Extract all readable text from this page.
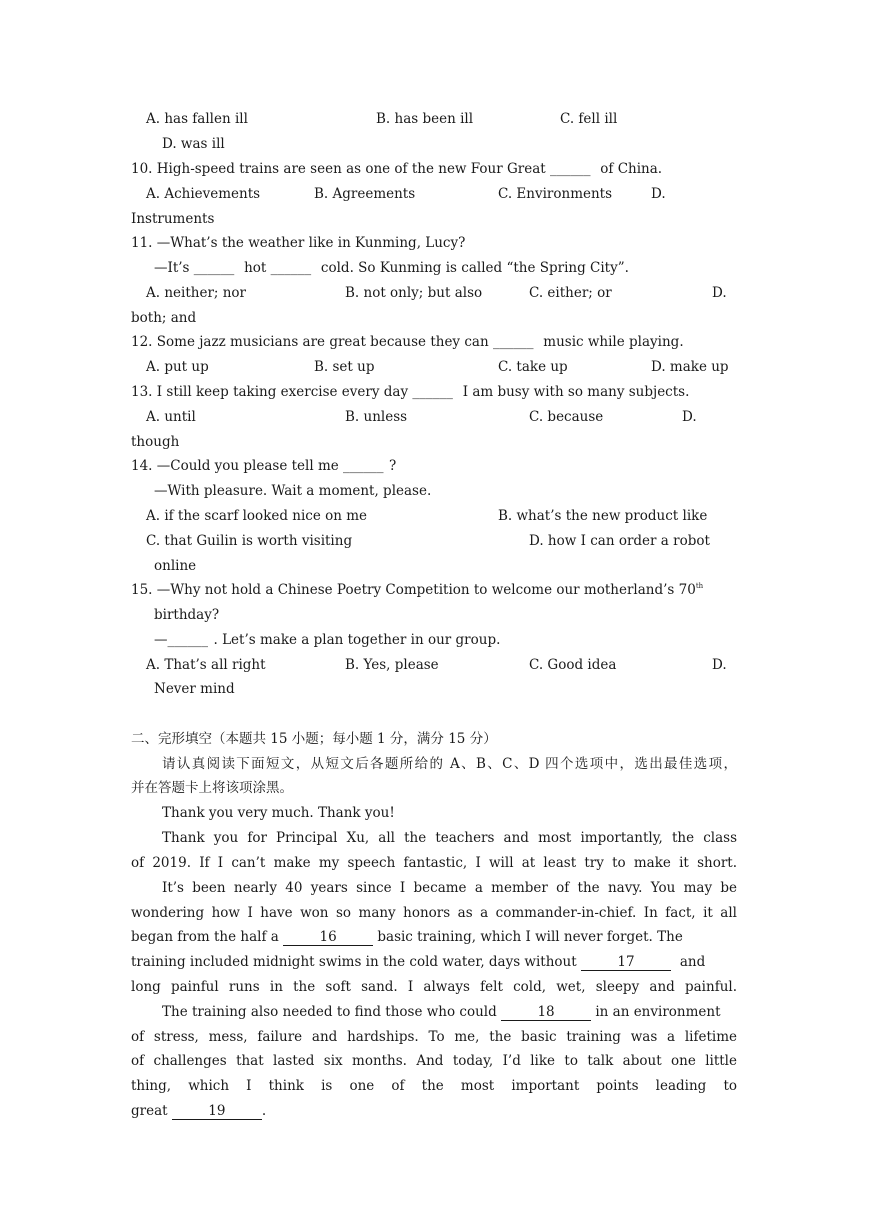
A. has fallen ill	B. has been ill	C. fell ill
D. was ill
10. High-speed trains are seen as one of the new Four Great ______ of China.
A. Achievements	B. Agreements	C. Environments	D.
Instruments
11. —What’s the weather like in Kunming, Lucy?
—It’s ______ hot ______ cold. So Kunming is called “the Spring City”.
A. neither; nor	B. not only; but also	C. either; or	D.
both; and
12. Some jazz musicians are great because they can ______ music while playing.
A. put up	B. set up	C. take up	D. make up
13. I still keep taking exercise every day ______ I am busy with so many subjects.
A. until	B. unless	C. because	D.
though
14. —Could you please tell me ______ ?
—With pleasure. Wait a moment, please.
A. if the scarf looked nice on me	B. what’s the new product like
C. that Guilin is worth visiting	D. how I can order a robot
online
15. —Why not hold a Chinese Poetry Competition to welcome our motherland’s 70th
birthday?
—______ . Let’s make a plan together in our group.
A. That’s all right	B. Yes, please	C. Good idea	D.
Never mind
二、完形填空（本题共 15 小题；每小题 1 分，满分 15 分）
请认真阅读下面短文，从短文后各题所给的 A、B、C、D 四个选项中，选出最佳选项，
并在答题卡上将该项涂黑。
Thank you very much. Thank you!
Thank you for Principal Xu, all the teachers and most importantly, the class
of 2019. If I can’t make my speech fantastic, I will at least try to make it short.
It’s been nearly 40 years since I became a member of the navy. You may be
wondering how I have won so many honors as a commander-in-chief. In fact, it all
began from the half a	16	basic training, which I will never forget. The
training included midnight swims in the cold water, days without	17	and
long painful runs in the soft sand. I always felt cold, wet, sleepy and painful.
The training also needed to find those who could	18	in an environment
of stress, mess, failure and hardships. To me, the basic training was a lifetime
of challenges that lasted six months. And today, I’d like to talk about one little
thing, which I think is one of the most important points leading to
great	19	.
